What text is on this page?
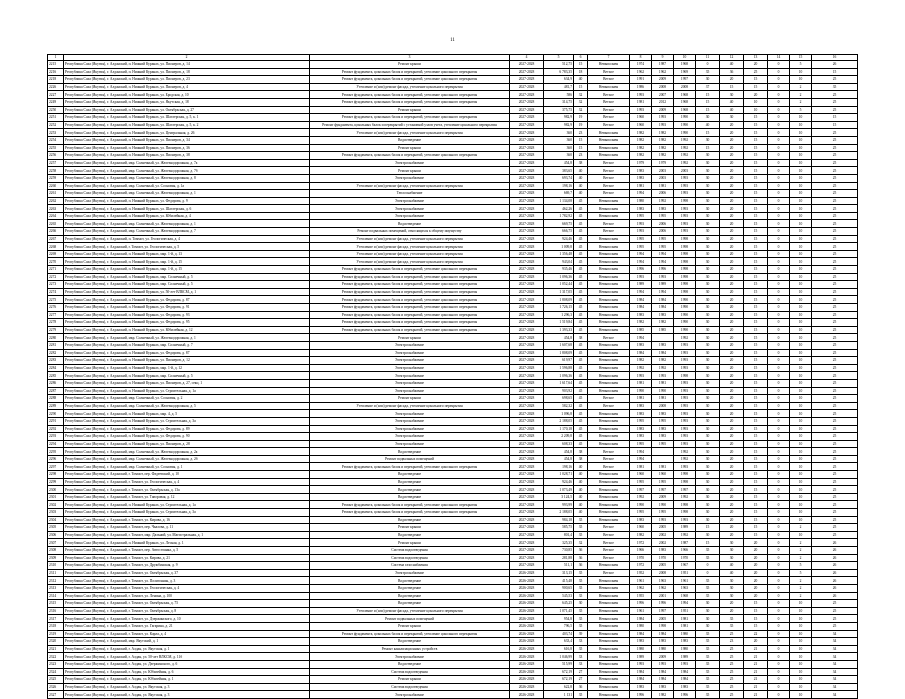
11
1	2	3	4	5	6	7	8	9	10	11	12	13	14	15	16
2215	Республика Саха (Якутия), г. Алданский, п. Нижний Куранах, ул. Пионеров, д. 14	Ремонт крыши	2027-2028	512,75	15	Невыполнен	1974	1987	1968	0	40	20	0	5	26
2216	Республика Саха (Якутия), г. Алданский, п. Нижний Куранах, ул. Пионеров, д. 18	Ремонт фундамента, цокольных балок и перекрытий, утепление цокольного перекрытия	2027-2028	6 783,35	18	Ветхое	1962	1962	1969	35	36	25	0	10	15
2218	Республика Саха (Якутия), г. Алданский, п. Нижний Куранах, ул. Пионеров, д. 23	Ремонт фундамента, цокольных балок и перекрытий, утепление цокольного перекрытия	2027-2028	634,9	40	Ветхое	1991	2009	1997	30	20	15	0	10	25
2226	Республика Саха (Якутия), г. Алданский, п. Нижний Куранах, ул. Пионеров, д. 4	Утепление и (или) ремонт фасада, утепление цокольного перекрытия	2027-2028	481,7	15	Невыполнен	1986	2008	2008	37	15	15	0	2	35
2227	Республика Саха (Якутия), г. Алданский, п. Нижний Куранах, ул. Бродская, д. 10	Ремонт фундамента, цокольных балок и перекрытий, утепление цокольного перекрытия	2027-2028	586	32	Ветхое	1993	2007	1968	15	30	20	0	2	25
2249	Республика Саха (Якутия), г. Алданский, п. Нижний Куранах, ул. Якутская, д. 18	Ремонт фундамента, цокольных балок и перекрытий, утепление цокольного перекрытия	2027-2028	314,75	32	Ветхое	1981	2012	1968	15	40	10	0	2	25
2250	Республика Саха (Якутия), г. Алданский, п. Нижний Куранах, ул. Октябрьская, д. 27	Ремонт крыши	2027-2028	375,75	32	Ветхое	1993	2009	1968	15	40	10	0	5	25
2251	Республика Саха (Якутия), г. Алданский, п. Нижний Куранах, ул. Шахтерская, д. 5, к. 1	Ремонт фундамента, цокольных балок и перекрытий, утепление цокольного перекрытия	2027-2028	982,9	19	Ветхое	1960	1993	1990	30	30	15	0	10	15
2252	Республика Саха (Якутия), г. Алданский, п. Нижний Куранах, ул. Шахтерская, д. 5, к. 2	Ремонт фундамента, цокольных балок и перекрытий с установкой узлов учета, утепление цокольного перекрытия	2027-2028	982,9	19	Ветхое	1960	1993	1990	40	20	15	0	10	15
2253	Республика Саха (Якутия), г. Алданский, п. Нижний Куранах, ул. Центральная, д. 26	Утепление и (или) ремонт фасада, утепление цокольного перекрытия	2027-2028	360	23	Невыполнен	1982	1982	1990	15	20	15	0	10	25
2254	Республика Саха (Якутия), г. Алданский, п. Нижний Куранах, ул. Пионеров, д. 34	Водоотведение	2027-2028	360	15	Невыполнен	1982	1982	1992	30	20	15	0	10	25
2255	Республика Саха (Якутия), г. Алданский, п. Нижний Куранах, ул. Пионеров, д. 36	Ремонт крыши	2027-2028	360	15	Невыполнен	1982	1982	1992	15	20	15	0	10	25
2256	Республика Саха (Якутия), г. Алданский, п. Нижний Куранах, ул. Пионеров, д. 38	Ремонт фундамента, цокольных балок и перекрытий, утепление цокольного перекрытия	2027-2028	360	23	Невыполнен	1982	1982	1992	30	20	15	0	10	25
2257	Республика Саха (Якутия), г. Алданский, мкр. Солнечный, ул. Железнодорожная, д. 7а	Электроснабжение	2027-2028	454,8	38	Ветхое	1979	1979	1992	30	20	15	0	10	25
2258	Республика Саха (Якутия), г. Алданский, мкр. Солнечный, ул. Железнодорожная, д. 7б	Ремонт крыши	2027-2028	383,65	40	Ветхое	1983	2003	2003	30	20	15	0	10	25
2259	Республика Саха (Якутия), г. Алданский, мкр. Солнечный, ул. Железнодорожная, д. 8	Электроснабжение	2027-2028	693,74	40	Ветхое	1983	2003	1993	30	20	15	0	10	25
2260	Республика Саха (Якутия), г. Алданский, мкр. Солнечный, ул. Сосновая, д. 1а	Утепление и (или) ремонт фасада, утепление цокольного перекрытия	2027-2028	198,16	40	Ветхое	1981	1981	1993	30	20	15	0	10	25
2261	Республика Саха (Якутия), г. Алданский, мкр. Солнечный, ул. Железнодорожная, д. 1	Теплоснабжение	2027-2028	669,7	40	Ветхое	1994	2006	1993	30	20	15	0	10	25
2262	Республика Саха (Якутия), г. Алданский, п. Нижний Куранах, ул. Федорова, д. 9	Электроснабжение	2027-2028	1 134,08	45	Невыполнен	1980	1992	1998	30	20	15	0	10	25
2263	Республика Саха (Якутия), г. Алданский, п. Нижний Куранах, ул. Шахтерская, д. 6	Электроснабжение	2027-2028	462,26	45	Невыполнен	1983	1983	1993	30	20	15	0	10	25
2264	Республика Саха (Якутия), г. Алданский, п. Нижний Куранах, ул. Юбилейная, д. 4	Электроснабжение	2027-2028	1 782,92	45	Невыполнен	1995	1995	1993	30	20	15	0	10	25
2265	Республика Саха (Якутия), г. Алданский, мкр. Солнечный, ул. Железнодорожная, д. 1	Водоотведение	2027-2028	669,75	45	Ветхое	1993	2006	1993	30	20	15	0	10	25
2266	Республика Саха (Якутия), г. Алданский, мкр. Солнечный, ул. Железнодорожная, д. 7	Ремонт подвальных помещений, относящихся к общему имуществу	2027-2028	666,75	45	Ветхое	1993	2006	1993	30	20	15	0	10	25
2267	Республика Саха (Якутия), г. Алданский, п. Томмот, ул. Геологическая, д. 4	Утепление и (или) ремонт фасада, утепление цокольного перекрытия	2027-2028	924,46	45	Невыполнен	1995	1995	1998	30	20	15	0	10	25
2268	Республика Саха (Якутия), г. Алданский, г. Томмот, ул. Геологическая, д. 5	Утепление и (или) ремонт фасада, утепление цокольного перекрытия	2027-2028	1 009,8	45	Невыполнен	1995	1995	1998	30	20	15	0	10	25
2269	Республика Саха (Якутия), г. Алданский, п. Нижний Куранах, мкр. 1-й, д. 13	Утепление и (или) ремонт фасада, утепление цокольного перекрытия	2027-2028	1 356,48	45	Невыполнен	1994	1994	1998	30	20	15	0	10	25
2270	Республика Саха (Якутия), г. Алданский, п. Нижний Куранах, мкр. 1-й, д. 15	Утепление и (или) ремонт фасада, утепление цокольного перекрытия	2027-2028	943,04	45	Невыполнен	1994	1994	1998	30	20	15	0	10	25
2271	Республика Саха (Якутия), г. Алданский, п. Нижний Куранах, мкр. 1-й, д. 15	Ремонт фундамента, цокольных балок и перекрытий, утепление цокольного перекрытия	2027-2028	935,46	45	Невыполнен	1996	1996	1998	30	20	15	0	10	25
2272	Республика Саха (Якутия), г. Алданский, п. Нижний Куранах, мкр. Солнечный, д. 5	Ремонт фундамента, цокольных балок и перекрытий, утепление цокольного перекрытия	2027-2028	1 096,36	45	Невыполнен	1993	1993	1998	30	20	15	0	10	25
2273	Республика Саха (Якутия), г. Алданский, п. Нижний Куранах, мкр. Солнечный, д. 5	Ремонт фундамента, цокольных балок и перекрытий, утепление цокольного перекрытия	2027-2028	1 052,44	45	Невыполнен	1989	1989	1998	30	20	15	0	10	25
2274	Республика Саха (Якутия), г. Алданский, п. Нижний Куранах, ул. 50-лет ВЛКСМ, д. 1	Ремонт фундамента, цокольных балок и перекрытий, утепление цокольного перекрытия	2027-2028	1 317,05	45	Невыполнен	1994	1994	1998	30	20	15	0	10	25
2275	Республика Саха (Якутия), г. Алданский, п. Нижний Куранах, ул. Федорова, д. 87	Ремонт фундамента, цокольных балок и перекрытий, утепление цокольного перекрытия	2027-2028	1 808,09	45	Невыполнен	1984	1984	1990	30	20	15	0	10	25
2276	Республика Саха (Якутия), г. Алданский, п. Нижний Куранах, ул. Федорова, д. 91	Ремонт фундамента, цокольных балок и перекрытий, утепление цокольного перекрытия	2027-2028	1 726,15	45	Невыполнен	1984	1984	1990	30	20	15	0	10	25
2277	Республика Саха (Якутия), г. Алданский, п. Нижний Куранах, ул. Федорова, д. 93	Ремонт фундамента, цокольных балок и перекрытий, утепление цокольного перекрытия	2027-2028	1 296,3	45	Невыполнен	1983	1983	1990	30	20	15	0	10	25
2278	Республика Саха (Якутия), г. Алданский, п. Нижний Куранах, ул. Федорова, д. 95	Ремонт фундамента, цокольных балок и перекрытий, утепление цокольного перекрытия	2027-2028	1 519,84	45	Невыполнен	1982	1982	1990	30	20	15	0	10	25
2279	Республика Саха (Якутия), г. Алданский, п. Нижний Куранах, ул. Юбилейная, д. 12	Ремонт фундамента, цокольных балок и перекрытий, утепление цокольного перекрытия	2027-2028	1 393,33	45	Невыполнен	1985	1985	1990	30	20	15	0	10	25
2280	Республика Саха (Якутия), г. Алданский, мкр. Солнечный, ул. Железнодорожная, д. 1	Ремонт крыши	2027-2028	454,8	38	Ветхое	1994		1992	30	20	15	0	10	25
2281	Республика Саха (Якутия), г. Алданский, п. Нижний Куранах, мкр. Солнечный, д. 7	Электроснабжение	2027-2028	1 607,68	45	Невыполнен	1983	1983	1993	30	20	15	0	10	25
2282	Республика Саха (Якутия), г. Алданский, п. Нижний Куранах, ул. Федорова, д. 87	Электроснабжение	2027-2028	1 808,09	45	Невыполнен	1984	1984	1993	30	20	15	0	10	25
2283	Республика Саха (Якутия), г. Алданский, п. Нижний Куранах, ул. Пионеров, д. 12	Электроснабжение	2027-2028	619,97	45	Невыполнен	1982	1982	1993	30	20	15	0	10	25
2284	Республика Саха (Якутия), г. Алданский, п. Нижний Куранах, мкр. 1-й, д. 12	Электроснабжение	2027-2028	1 596,88	45	Невыполнен	1992	1992	1993	30	20	15	0	10	25
2285	Республика Саха (Якутия), г. Алданский, п. Нижний Куранах, мкр. Солнечный, д. 5	Электроснабжение	2027-2028	1 096,36	45	Невыполнен	1993	1993	1998	30	20	15	0	10	25
2286	Республика Саха (Якутия), г. Алданский, п. Нижний Куранах, ул. Пионеров, д. 27, секц. 1	Электроснабжение	2027-2028	1 617,64	45	Невыполнен	1981	1981	1993	30	20	15	0	10	25
2287	Республика Саха (Якутия), г. Алданский, п. Нижний Куранах, ул. Строительная, д. 1а	Электроснабжение	2027-2028	903,92	45	Невыполнен	1990	1990	1993	30	20	15	0	10	25
2288	Республика Саха (Якутия), г. Алданский, мкр. Солнечный, ул. Сосновая, д. 2	Ремонт крыши	2027-2028	698,65	45	Ветхое	1981	1981	1993	30	20	15	0	10	25
2289	Республика Саха (Якутия), г. Алданский, мкр. Солнечный, ул. Железнодорожная, д. 5	Утепление и (или) ремонт фасада, утепление цокольного перекрытия	2027-2028	582,32	45	Ветхое	1983	2008	1993	30	20	15	0	10	25
2290	Республика Саха (Якутия), г. Алданский, п. Нижний Куранах, мкр. 4, д. 5	Электроснабжение	2027-2028	1 096,8	45	Невыполнен	1983	1983	1993	30	20	15	0	10	25
2291	Республика Саха (Якутия), г. Алданский, п. Нижний Куранах, ул. Строительная, д. 3а	Электроснабжение	2027-2028	2 188,05	45	Невыполнен	1995	1995	1993	30	20	15	0	10	25
2292	Республика Саха (Якутия), г. Алданский, п. Нижний Куранах, ул. Федорова, д. 89	Электроснабжение	2027-2028	1 170,18	45	Невыполнен	1983	1983	1993	30	20	15	0	10	25
2293	Республика Саха (Якутия), г. Алданский, п. Нижний Куранах, ул. Федорова, д. 90	Электроснабжение	2027-2028	2 209,8	45	Невыполнен	1983	1983	1993	30	20	15	0	10	25
2294	Республика Саха (Якутия), г. Алданский, п. Нижний Куранах, ул. Пионеров, д. 28	Электроснабжение	2027-2028	608,33	45	Невыполнен	1995	1995	1993	30	20	15	0	10	25
2295	Республика Саха (Якутия), г. Алданский, мкр. Солнечный, ул. Железнодорожная, д. 2а	Водоотведение	2027-2028	454,8	38	Ветхое	1994		1992	30	20	15	0	10	25
2296	Республика Саха (Якутия), г. Алданский, мкр. Солнечный, ул. Железнодорожная, д. 2б	Ремонт подвальных помещений	2027-2028	454,8	38	Ветхое	1994		1992	30	20	15	0	10	25
2297	Республика Саха (Якутия), г. Алданский, мкр. Солнечный, ул. Сосновая, д. 1	Ремонт фундамента, цокольных балок и перекрытий, утепление цокольного перекрытия	2027-2028	198,16	40	Ветхое	1981	1981	1993	30	20	15	0	10	25
2298	Республика Саха (Якутия), г. Алданский, г. Томмот, пер. Фадеевский, д. 10	Водоотведение	2027-2028	1 028,71	40	Невыполнен	1960	1960	1998	30	20	15	0	10	25
2299	Республика Саха (Якутия), г. Алданский, г. Томмот, ул. Геологическая, д. 4	Водоотведение	2027-2028	924,46	40	Невыполнен	1995	1995	1998	30	20	15	0	10	25
2300	Республика Саха (Якутия), г. Алданский, г. Томмот, ул. Октябрьская, д. 13а	Водоотведение	2027-2028	1 073,49	40	Невыполнен	1997	1997	1997	30	20	15	0	10	25
2301	Республика Саха (Якутия), г. Алданский, г. Томмот, ул. Таворовая, д. 12	Водоотведение	2027-2028	3 124,5	40	Невыполнен	1992	2009	1992	30	20	15	0	10	25
2302	Республика Саха (Якутия), г. Алданский, п. Нижний Куранах, ул. Строительная, д. 1а	Ремонт фундамента, цокольных балок и перекрытий, утепление цокольного перекрытия	2027-2028	993,99	40	Невыполнен	1990	1990	1998	30	20	15	0	10	25
2303	Республика Саха (Якутия), г. Алданский, п. Нижний Куранах, ул. Строительная, д. 3а	Ремонт фундамента, цокольных балок и перекрытий, утепление цокольного перекрытия	2027-2028	2 188,05	40	Невыполнен	1995	1995	1998	30	20	15	0	10	25
2304	Республика Саха (Якутия), г. Алданский, г. Томмот, ул. Кирова, д. 16	Водоотведение	2027-2028	984,18	35	Невыполнен	1983	1993	1993	30	20	15	0	10	25
2305	Республика Саха (Якутия), г. Алданский, г. Томмот, пер. Чкалова, д. 11	Ремонт крыши	2027-2028	585,75	35	Ветхое	1960	2005	1989	15	20	15	0	2	25
2306	Республика Саха (Якутия), г. Алданский, г. Томмот, мкр. Дальний, ул. Магистральная, д. 1	Водоотведение	2027-2028	801,4	35	Ветхое	1982	2002	1992	30	20	15	0	10	25
2307	Республика Саха (Якутия), г. Алданский, п. Нижний Куранах, ул. Лесная, д. 1	Ремонт крыши	2027-2028	325,35	32	Ветхое	1972	2002	1987	15	30	20	0	2	26
2308	Республика Саха (Якутия), г. Алданский, г. Томмот, пер. Автостоянка, д. 5	Система водоотведения	2027-2028	730,85	36	Ветхое	1966	1983	1966	35	30	20	0	2	26
2309	Республика Саха (Якутия), г. Алданский, г. Томмот, ул. Кирова, д. 21	Система водоотведения	2027-2028	281,88	36	Ветхое	1970	1970	1970	35	30	20	0	2	26
2310	Республика Саха (Якутия), г. Алданский, г. Томмот, ул. Дружбинская, д. 9	Система газоснабжения	2027-2028	511,1	36	Невыполнен	1972	2005	1967	0	40	20	0	5	26
2311	Республика Саха (Якутия), г. Алданский, г. Томмот, ул. Октябрьская, д. 37	Электроснабжение	2026-2028	313,15	35	Ветхое	1952	2008	1951	0	40	20	0	5	26
2312	Республика Саха (Якутия), г. Алданский, г. Томмот, ул. Полигонная, д. 3	Водоотведение	2026-2028	415,48	35	Невыполнен	1961	1963	1961	35	30	20	0	2	26
2313	Республика Саха (Якутия), г. Алданский, г. Томмот, ул. Геологическая, д. 4	Водоотведение	2026-2028	900,65	35	Невыполнен	1962	1962	1963	35	30	20	0	2	26
2314	Республика Саха (Якутия), г. Алданский, г. Томмот, ул. Ленина, д. 100	Водоотведение	2026-2028	545,53	35	Невыполнен	1955	2001	1968	35	30	20	0	2	26
2315	Республика Саха (Якутия), г. Алданский, г. Томмот, ул. Октябрьская, д. 75	Водоотведение	2026-2028	645,25	30	Невыполнен	1996	1996	1994	30	20	15	0	10	25
2316	Республика Саха (Якутия), г. Алданский, г. Томмот, ул. Октябрьская, д. 8	Утепление и (или) ремонт фасада, утепление цокольного перекрытия	2026-2028	1 071,45	35	Невыполнен	1961	1997	1951	30	20	15	0	10	25
2317	Республика Саха (Якутия), г. Алданский, г. Томмот, ул. Дзержинского, д. 10	Ремонт подвальных помещений	2026-2028	954,8	35	Невыполнен	1984	2005	1981	30	35	15	0	10	25
2318	Республика Саха (Якутия), г. Алданский, г. Томмот, ул. Гагарина, д. 21	Ремонт крыши	2026-2028	796,5	35	Невыполнен	1980	1998	1981	30	35	15	0	10	25
2319	Республика Саха (Якутия), г. Алданский, г. Томмот, ул. Карла, д. 4	Ремонт фундамента, цокольных балок и перекрытий, утепление цокольного перекрытия	2026-2028	403,74	39	Невыполнен	1984	1984	1980	35	25	22	0	10	34
2320	Республика Саха (Якутия), г. Алданский, мкр. Якутский, д. 1	Водоотведение	2026-2028	633,4	33	Невыполнен	1983	1983	1983	35	23	20	0	10	34
2321	Республика Саха (Якутия), г. Алданский, г. Алдан, ул. Якутская, д. 1	Ремонт канализационных устройств	2026-2028	616,8	35	Невыполнен	1980	1980	1980	35	25	21	0	10	34
2322	Республика Саха (Якутия), г. Алданский, г. Алдан, ул. 50-лет ВЛКСМ, д. 11б	Электроснабжение	2026-2028	1 046,99	33	Невыполнен	1989	2009	1989	35	25	21	0	10	34
2323	Республика Саха (Якутия), г. Алданский, г. Алдан, ул. Дзержинского, д. 6	Водоотведение	2026-2028	515,99	33	Невыполнен	1993	1993	1993	35	25	21	0	10	34
2324	Республика Саха (Якутия), г. Алданский, г. Алдан, ул. Юбилейная, д. 6	Система водоотведения	2026-2028	672,19	27	Невыполнен	1984	1984	1984	35	25	21	0	10	34
2325	Республика Саха (Якутия), г. Алданский, г. Алдан, ул. Юбилейная, д. 1	Ремонт крыши	2026-2028	672,19	27	Невыполнен	1984	1984	1984	35	25	21	0	10	34
2326	Республика Саха (Якутия), г. Алданский, г. Алдан, ул. Якутская, д. 3	Система водоотведения	2026-2028	622,8	36	Невыполнен	1983	1983	1983	35	25	21	0	10	34
2327	Республика Саха (Якутия), г. Алданский, г. Алдан, ул. Якутская, д. 3	Электроснабжение	2026-2028	1 131	35	Невыполнен	1996	1982	1996	35	25	21	0	10	34
